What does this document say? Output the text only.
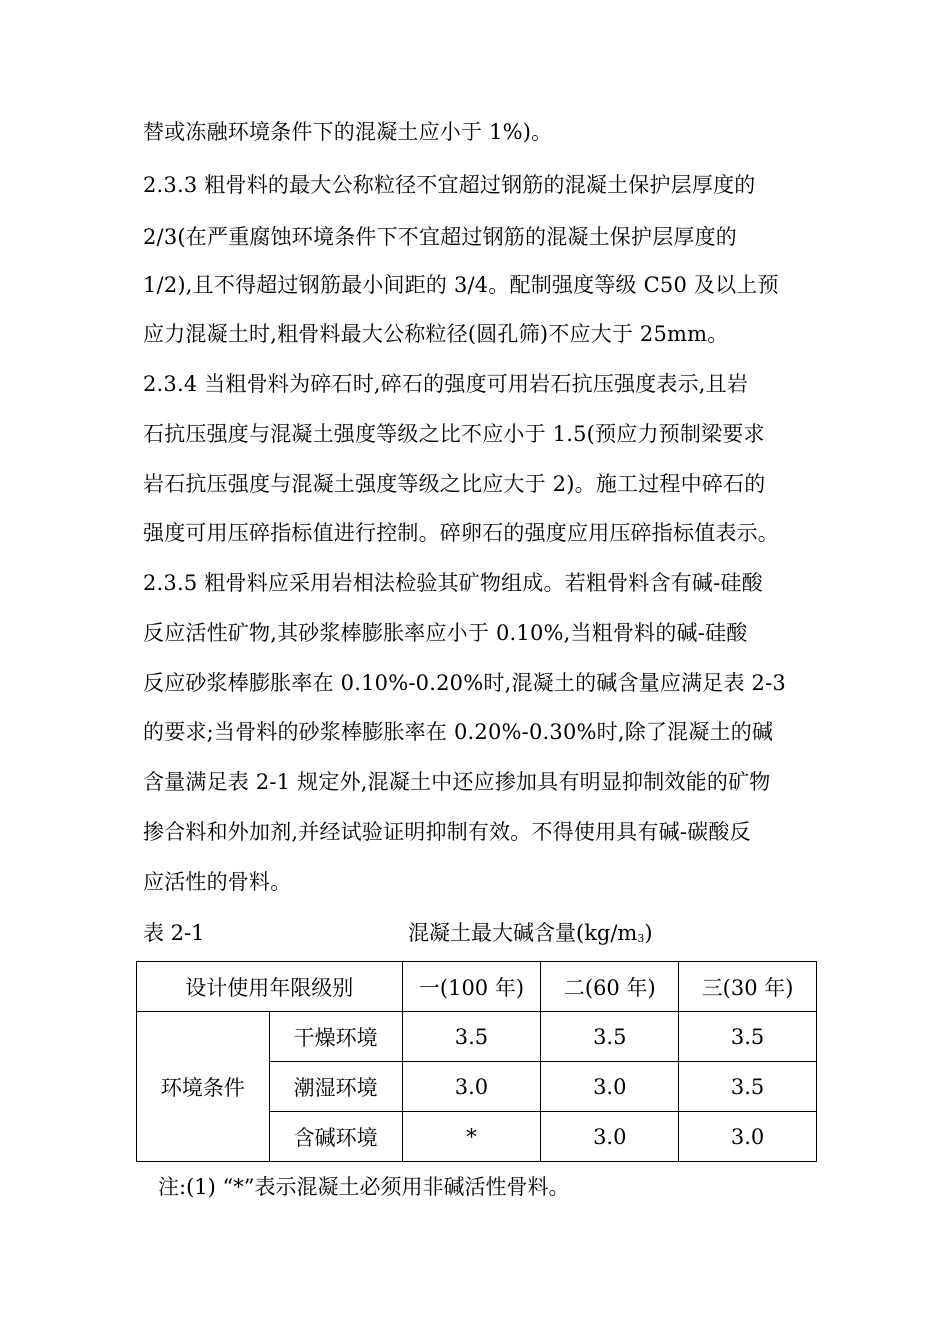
替或冻融环境条件下的混凝土应小于 1%)。
2.3.3 粗骨料的最大公称粒径不宜超过钢筋的混凝土保护层厚度的
2/3(在严重腐蚀环境条件下不宜超过钢筋的混凝土保护层厚度的
1/2),且不得超过钢筋最小间距的 3/4。配制强度等级 C50 及以上预
应力混凝土时,粗骨料最大公称粒径(圆孔筛)不应大于 25mm。
2.3.4 当粗骨料为碎石时,碎石的强度可用岩石抗压强度表示,且岩
石抗压强度与混凝土强度等级之比不应小于 1.5(预应力预制梁要求
岩石抗压强度与混凝土强度等级之比应大于 2)。施工过程中碎石的
强度可用压碎指标值进行控制。碎卵石的强度应用压碎指标值表示。
2.3.5 粗骨料应采用岩相法检验其矿物组成。若粗骨料含有碱-硅酸
反应活性矿物,其砂浆棒膨胀率应小于 0.10%,当粗骨料的碱-硅酸
反应砂浆棒膨胀率在 0.10%-0.20%时,混凝土的碱含量应满足表 2-3
的要求;当骨料的砂浆棒膨胀率在 0.20%-0.30%时,除了混凝土的碱
含量满足表 2-1 规定外,混凝土中还应掺加具有明显抑制效能的矿物
掺合料和外加剂,并经试验证明抑制有效。不得使用具有碱-碳酸反
应活性的骨料。
表 2-1	混凝土最大碱含量(kg/m3)
设计使用年限级别		一(100 年)	二(60 年)	三(30 年)
环境条件	干燥环境	3.5	3.5	3.5
	潮湿环境	3.0	3.0	3.5
	含碱环境	*	3.0	3.0
注:(1) “*”表示混凝土必须用非碱活性骨料。
